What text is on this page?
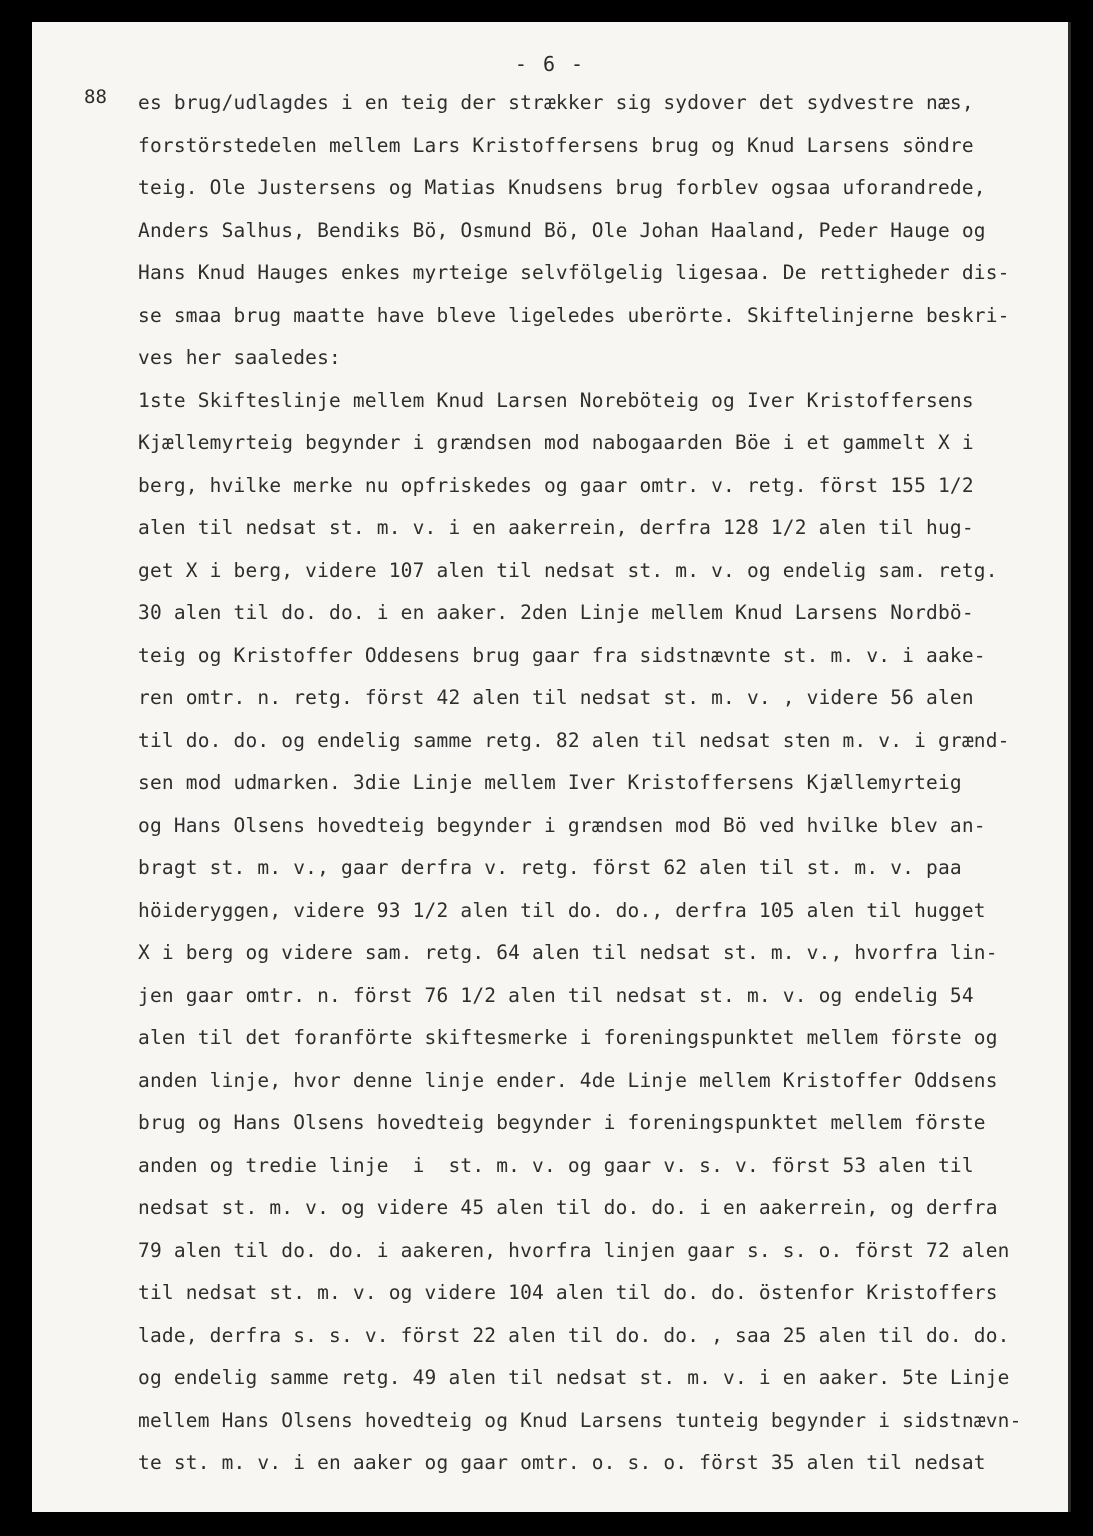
- 6 -
88 es brug/udlagdes i en teig der strækker sig sydover det sydvestre næs,
forstörstedelen mellem Lars Kristoffersens brug og Knud Larsens söndre
teig. Ole Justersens og Matias Knudsens brug forblev ogsaa uforandrede,
Anders Salhus, Bendiks Bö, Osmund Bö, Ole Johan Haaland, Peder Hauge og
Hans Knud Hauges enkes myrteige selvfölgelig ligesaa. De rettigheder dis-
se smaa brug maatte have bleve ligeledes uberörte. Skiftelinjerne beskri-
ves her saaledes:
1ste Skifteslinje mellem Knud Larsen Noreböteig og Iver Kristoffersens
Kjællemyrteig begynder i grændsen mod nabogaarden Böe i et gammelt X i
berg, hvilke merke nu opfriskedes og gaar omtr. v. retg. först 155 1/2
alen til nedsat st. m. v. i en aakerrein, derfra 128 1/2 alen til hug-
get X i berg, videre 107 alen til nedsat st. m. v. og endelig sam. retg.
30 alen til do. do. i en aaker. 2den Linje mellem Knud Larsens Nordbö-
teig og Kristoffer Oddesens brug gaar fra sidstnævnte st. m. v. i aake-
ren omtr. n. retg. först 42 alen til nedsat st. m. v. , videre 56 alen
til do. do. og endelig samme retg. 82 alen til nedsat sten m. v. i grænd-
sen mod udmarken. 3die Linje mellem Iver Kristoffersens Kjællemyrteig
og Hans Olsens hovedteig begynder i grændsen mod Bö ved hvilke blev an-
bragt st. m. v., gaar derfra v. retg. först 62 alen til st. m. v. paa
höideryggen, videre 93 1/2 alen til do. do., derfra 105 alen til hugget
X i berg og videre sam. retg. 64 alen til nedsat st. m. v., hvorfra lin-
jen gaar omtr. n. först 76 1/2 alen til nedsat st. m. v. og endelig 54
alen til det foranförte skiftesmerke i foreningspunktet mellem förste og
anden linje, hvor denne linje ender. 4de Linje mellem Kristoffer Oddsens
brug og Hans Olsens hovedteig begynder i foreningspunktet mellem förste
anden og tredie linje  i  st. m. v. og gaar v. s. v. först 53 alen til
nedsat st. m. v. og videre 45 alen til do. do. i en aakerrein, og derfra
79 alen til do. do. i aakeren, hvorfra linjen gaar s. s. o. först 72 alen
til nedsat st. m. v. og videre 104 alen til do. do. östenfor Kristoffers
lade, derfra s. s. v. först 22 alen til do. do. , saa 25 alen til do. do.
og endelig samme retg. 49 alen til nedsat st. m. v. i en aaker. 5te Linje
mellem Hans Olsens hovedteig og Knud Larsens tunteig begynder i sidstnævn-
te st. m. v. i en aaker og gaar omtr. o. s. o. först 35 alen til nedsat
